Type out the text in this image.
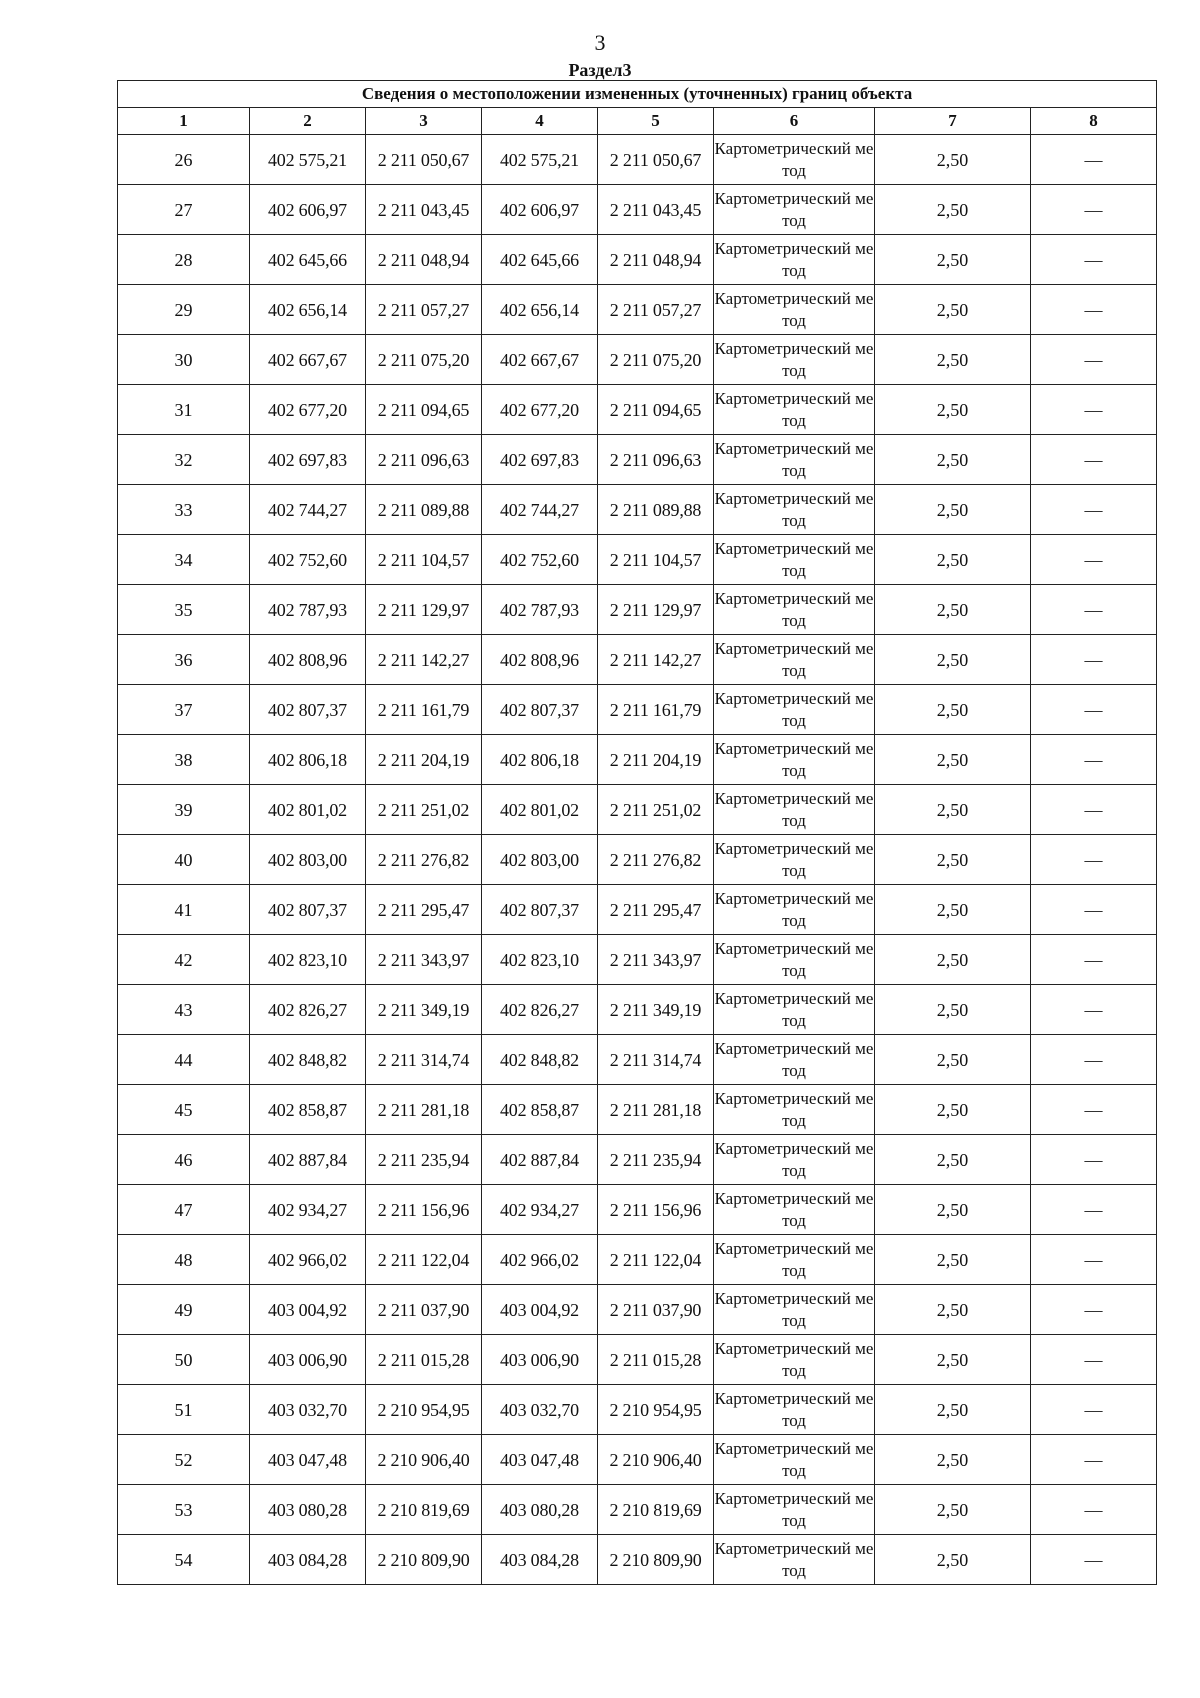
3
Раздел3
Сведения о местоположении измененных (уточненных) границ объекта							
1	2	3	4	5	6	7	8
26	402 575,21	2 211 050,67	402 575,21	2 211 050,67	Картометрический метод	2,50	—
27	402 606,97	2 211 043,45	402 606,97	2 211 043,45	Картометрический метод	2,50	—
28	402 645,66	2 211 048,94	402 645,66	2 211 048,94	Картометрический метод	2,50	—
29	402 656,14	2 211 057,27	402 656,14	2 211 057,27	Картометрический метод	2,50	—
30	402 667,67	2 211 075,20	402 667,67	2 211 075,20	Картометрический метод	2,50	—
31	402 677,20	2 211 094,65	402 677,20	2 211 094,65	Картометрический метод	2,50	—
32	402 697,83	2 211 096,63	402 697,83	2 211 096,63	Картометрический метод	2,50	—
33	402 744,27	2 211 089,88	402 744,27	2 211 089,88	Картометрический метод	2,50	—
34	402 752,60	2 211 104,57	402 752,60	2 211 104,57	Картометрический метод	2,50	—
35	402 787,93	2 211 129,97	402 787,93	2 211 129,97	Картометрический метод	2,50	—
36	402 808,96	2 211 142,27	402 808,96	2 211 142,27	Картометрический метод	2,50	—
37	402 807,37	2 211 161,79	402 807,37	2 211 161,79	Картометрический метод	2,50	—
38	402 806,18	2 211 204,19	402 806,18	2 211 204,19	Картометрический метод	2,50	—
39	402 801,02	2 211 251,02	402 801,02	2 211 251,02	Картометрический метод	2,50	—
40	402 803,00	2 211 276,82	402 803,00	2 211 276,82	Картометрический метод	2,50	—
41	402 807,37	2 211 295,47	402 807,37	2 211 295,47	Картометрический метод	2,50	—
42	402 823,10	2 211 343,97	402 823,10	2 211 343,97	Картометрический метод	2,50	—
43	402 826,27	2 211 349,19	402 826,27	2 211 349,19	Картометрический метод	2,50	—
44	402 848,82	2 211 314,74	402 848,82	2 211 314,74	Картометрический метод	2,50	—
45	402 858,87	2 211 281,18	402 858,87	2 211 281,18	Картометрический метод	2,50	—
46	402 887,84	2 211 235,94	402 887,84	2 211 235,94	Картометрический метод	2,50	—
47	402 934,27	2 211 156,96	402 934,27	2 211 156,96	Картометрический метод	2,50	—
48	402 966,02	2 211 122,04	402 966,02	2 211 122,04	Картометрический метод	2,50	—
49	403 004,92	2 211 037,90	403 004,92	2 211 037,90	Картометрический метод	2,50	—
50	403 006,90	2 211 015,28	403 006,90	2 211 015,28	Картометрический метод	2,50	—
51	403 032,70	2 210 954,95	403 032,70	2 210 954,95	Картометрический метод	2,50	—
52	403 047,48	2 210 906,40	403 047,48	2 210 906,40	Картометрический метод	2,50	—
53	403 080,28	2 210 819,69	403 080,28	2 210 819,69	Картометрический метод	2,50	—
54	403 084,28	2 210 809,90	403 084,28	2 210 809,90	Картометрический метод	2,50	—
